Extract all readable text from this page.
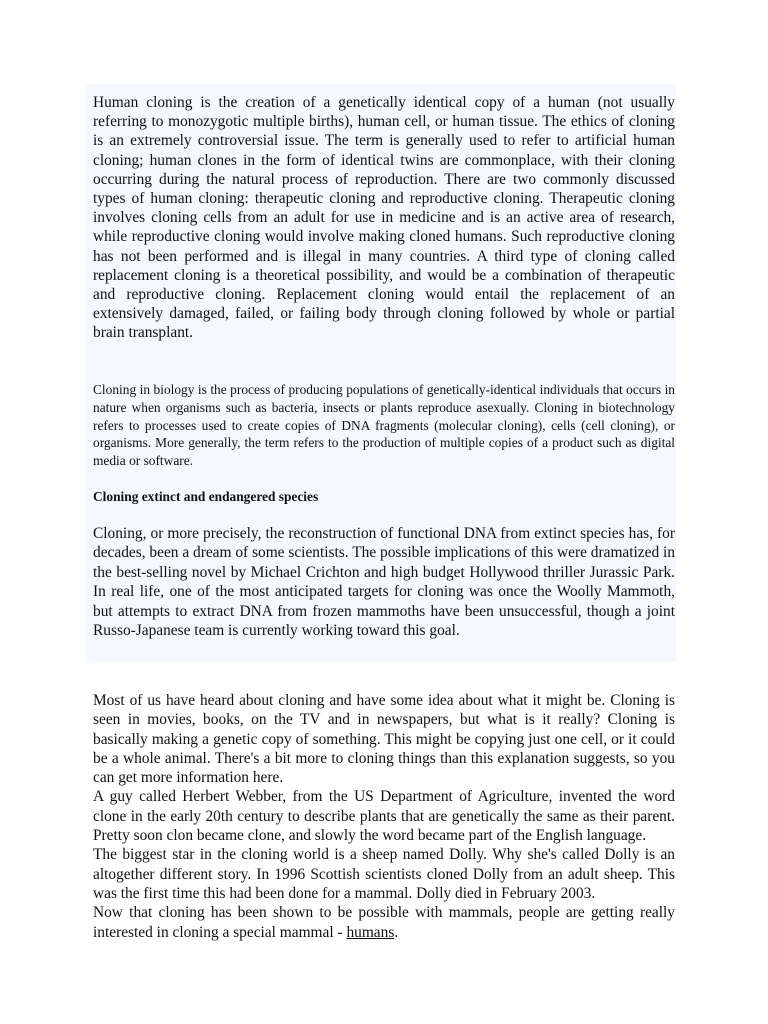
Human cloning is the creation of a genetically identical copy of a human (not usually referring to monozygotic multiple births), human cell, or human tissue. The ethics of cloning is an extremely controversial issue. The term is generally used to refer to artificial human cloning; human clones in the form of identical twins are commonplace, with their cloning occurring during the natural process of reproduction. There are two commonly discussed types of human cloning: therapeutic cloning and reproductive cloning. Therapeutic cloning involves cloning cells from an adult for use in medicine and is an active area of research, while reproductive cloning would involve making cloned humans. Such reproductive cloning has not been performed and is illegal in many countries. A third type of cloning called replacement cloning is a theoretical possibility, and would be a combination of therapeutic and reproductive cloning. Replacement cloning would entail the replacement of an extensively damaged, failed, or failing body through cloning followed by whole or partial brain transplant.

Cloning in biology is the process of producing populations of genetically-identical individuals that occurs in nature when organisms such as bacteria, insects or plants reproduce asexually. Cloning in biotechnology refers to processes used to create copies of DNA fragments (molecular cloning), cells (cell cloning), or organisms. More generally, the term refers to the production of multiple copies of a product such as digital media or software.

Cloning extinct and endangered species

Cloning, or more precisely, the reconstruction of functional DNA from extinct species has, for decades, been a dream of some scientists. The possible implications of this were dramatized in the best-selling novel by Michael Crichton and high budget Hollywood thriller Jurassic Park. In real life, one of the most anticipated targets for cloning was once the Woolly Mammoth, but attempts to extract DNA from frozen mammoths have been unsuccessful, though a joint Russo-Japanese team is currently working toward this goal.

Most of us have heard about cloning and have some idea about what it might be. Cloning is seen in movies, books, on the TV and in newspapers, but what is it really? Cloning is basically making a genetic copy of something. This might be copying just one cell, or it could be a whole animal. There's a bit more to cloning things than this explanation suggests, so you can get more information here.
A guy called Herbert Webber, from the US Department of Agriculture, invented the word clone in the early 20th century to describe plants that are genetically the same as their parent. Pretty soon clon became clone, and slowly the word became part of the English language.
The biggest star in the cloning world is a sheep named Dolly. Why she's called Dolly is an altogether different story. In 1996 Scottish scientists cloned Dolly from an adult sheep. This was the first time this had been done for a mammal. Dolly died in February 2003.
Now that cloning has been shown to be possible with mammals, people are getting really interested in cloning a special mammal - humans.
